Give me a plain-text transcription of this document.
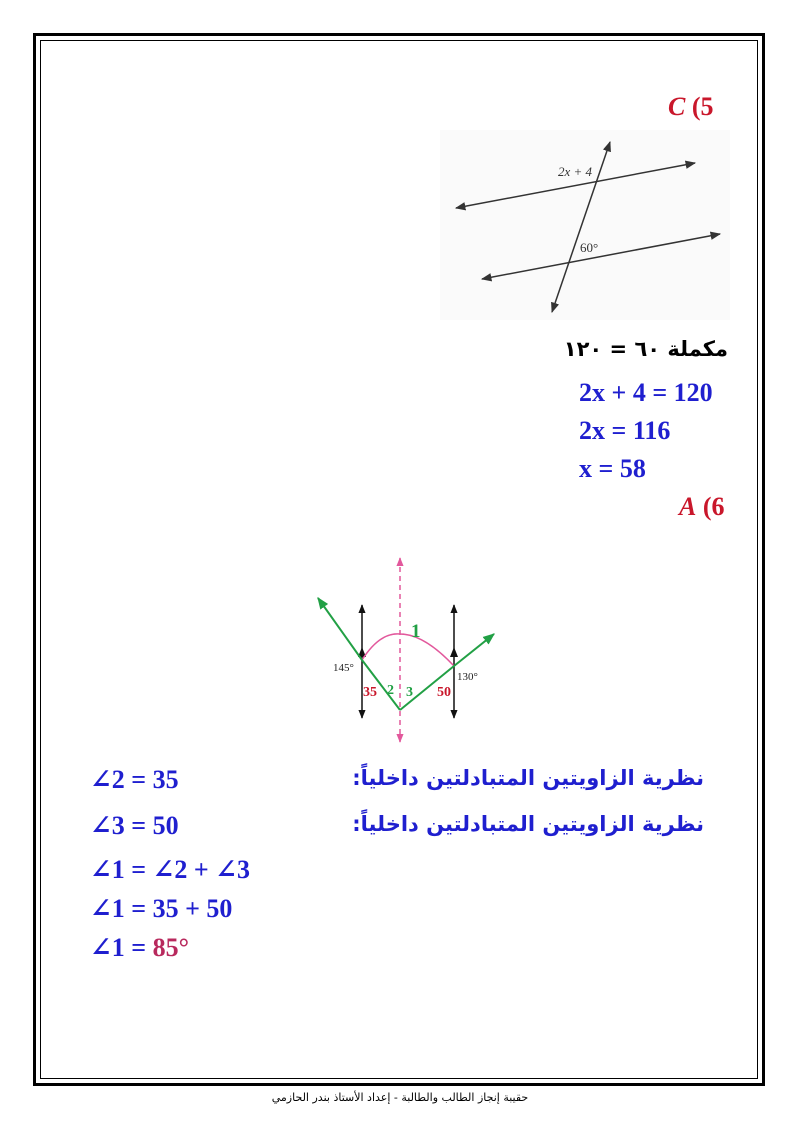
C (5
2x + 4
60°
مكملة ٦٠ = ١٢٠
2x + 4 = 120
2x = 116
x = 58
A (6
1
145°
130°
35 2 3 50
∠2 = 35	نظرية الزاويتين المتبادلتين داخلياً:
∠3 = 50	نظرية الزاويتين المتبادلتين داخلياً:
∠1 = ∠2 + ∠3
∠1 = 35 + 50
∠1 = 85°
حقيبة إنجاز الطالب والطالبة - إعداد الأستاذ بندر الحازمي
